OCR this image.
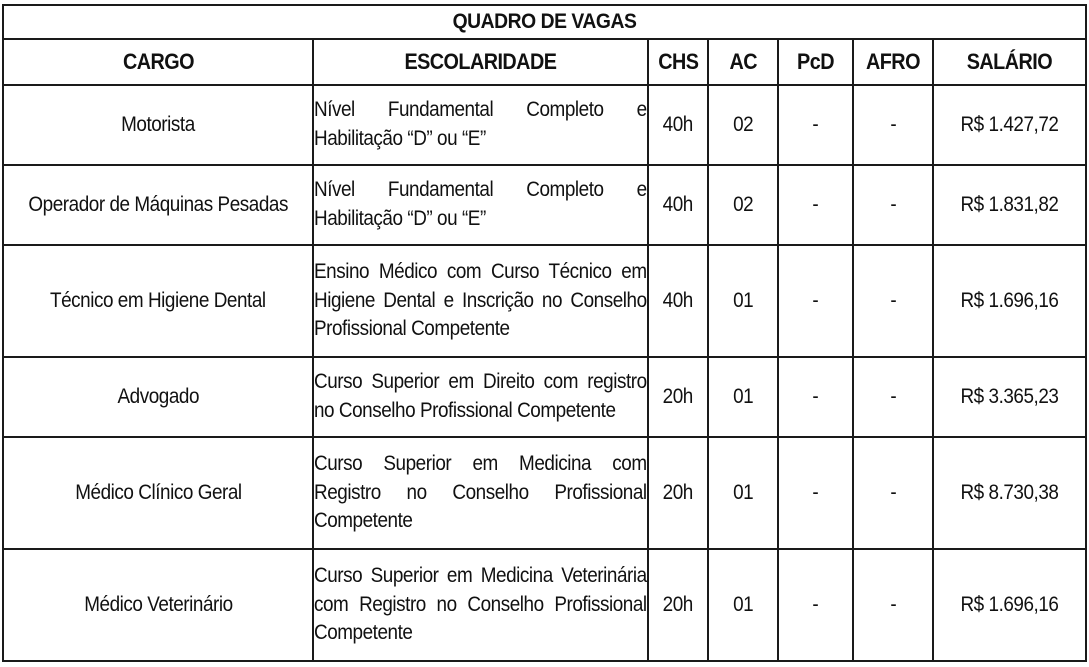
QUADRO DE VAGAS						
CARGO	ESCOLARIDADE	CHS	AC	PcD	AFRO	SALÁRIO
Motorista	Nível Fundamental Completo e Habilitação “D” ou “E”	40h	02	-	-	R$ 1.427,72
Operador de Máquinas Pesadas	Nível Fundamental Completo e Habilitação “D” ou “E”	40h	02	-	-	R$ 1.831,82
Técnico em Higiene Dental	Ensino Médico com Curso Técnico em Higiene Dental e Inscrição no Conselho Profissional Competente	40h	01	-	-	R$ 1.696,16
Advogado	Curso Superior em Direito com registro no Conselho Profissional Competente	20h	01	-	-	R$ 3.365,23
Médico Clínico Geral	Curso Superior em Medicina com Registro no Conselho Profissional Competente	20h	01	-	-	R$ 8.730,38
Médico Veterinário	Curso Superior em Medicina Veterinária com Registro no Conselho Profissional Competente	20h	01	-	-	R$ 1.696,16
